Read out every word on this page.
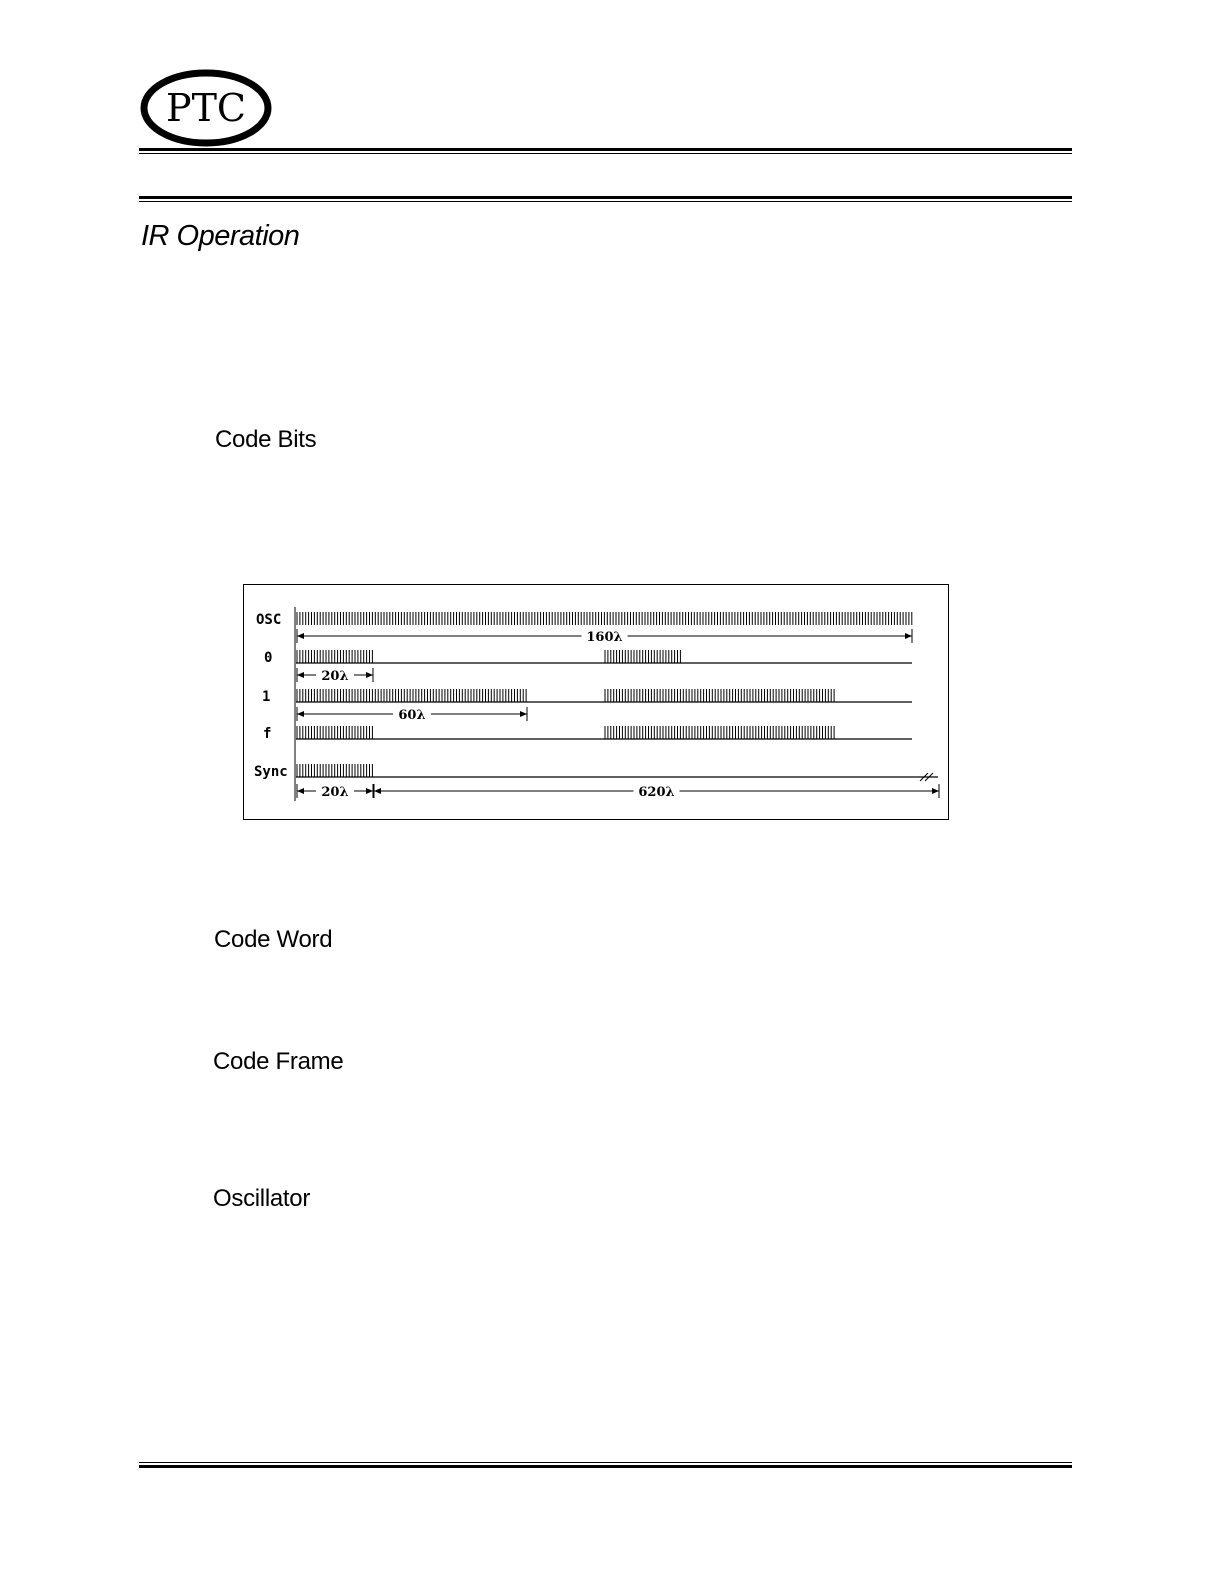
PTC
IR Operation
Code Bits
OSC
0
1
f
Sync
160λ
20λ
60λ
20λ	620λ
Code Word
Code Frame
Oscillator
